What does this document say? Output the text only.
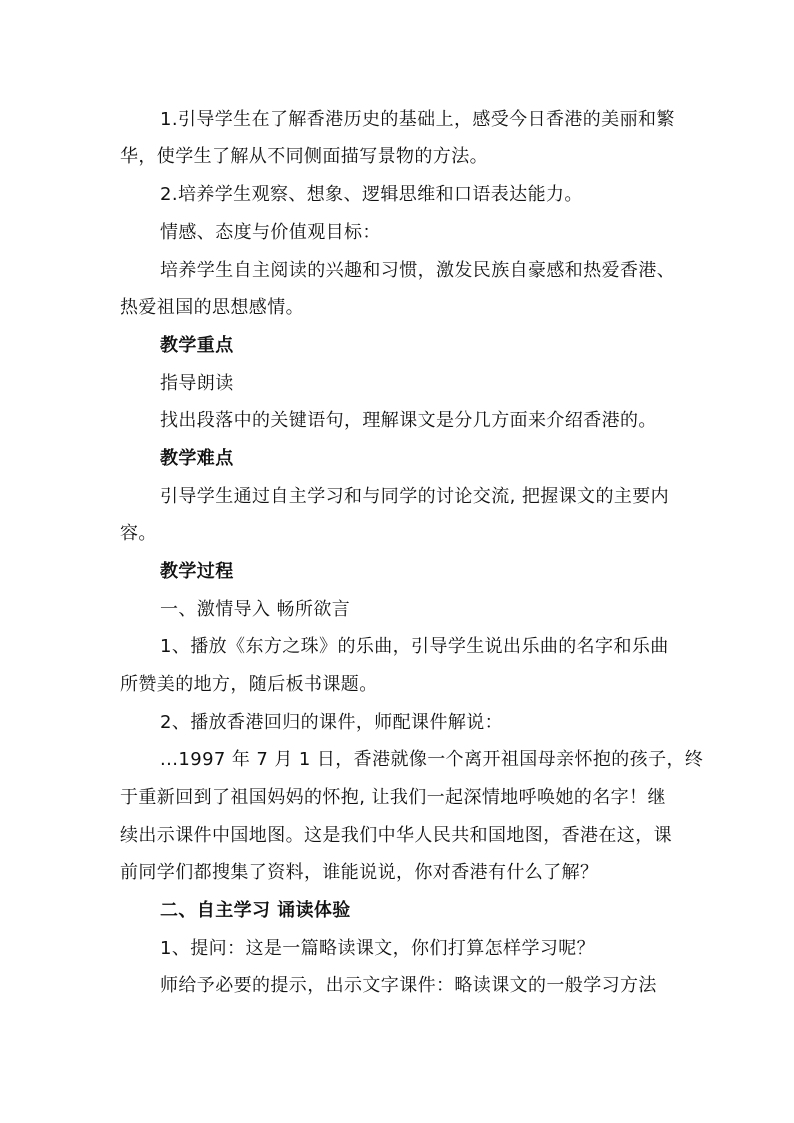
1.引导学生在了解香港历史的基础上，感受今日香港的美丽和繁
华，使学生了解从不同侧面描写景物的方法。
2.培养学生观察、想象、逻辑思维和口语表达能力。
情感、态度与价值观目标：
培养学生自主阅读的兴趣和习惯，激发民族自豪感和热爱香港、
热爱祖国的思想感情。
教学重点
指导朗读
找出段落中的关键语句，理解课文是分几方面来介绍香港的。
教学难点
引导学生通过自主学习和与同学的讨论交流, 把握课文的主要内
容。
教学过程
一、激情导入 畅所欲言
1、播放《东方之珠》的乐曲，引导学生说出乐曲的名字和乐曲
所赞美的地方，随后板书课题。
2、播放香港回归的课件，师配课件解说：
...1997 年 7 月 1 日，香港就像一个离开祖国母亲怀抱的孩子，终
于重新回到了祖国妈妈的怀抱, 让我们一起深情地呼唤她的名字！继
续出示课件中国地图。这是我们中华人民共和国地图，香港在这，课
前同学们都搜集了资料，谁能说说，你对香港有什么了解？
二、自主学习 诵读体验
1、提问：这是一篇略读课文，你们打算怎样学习呢？
师给予必要的提示，出示文字课件：略读课文的一般学习方法
